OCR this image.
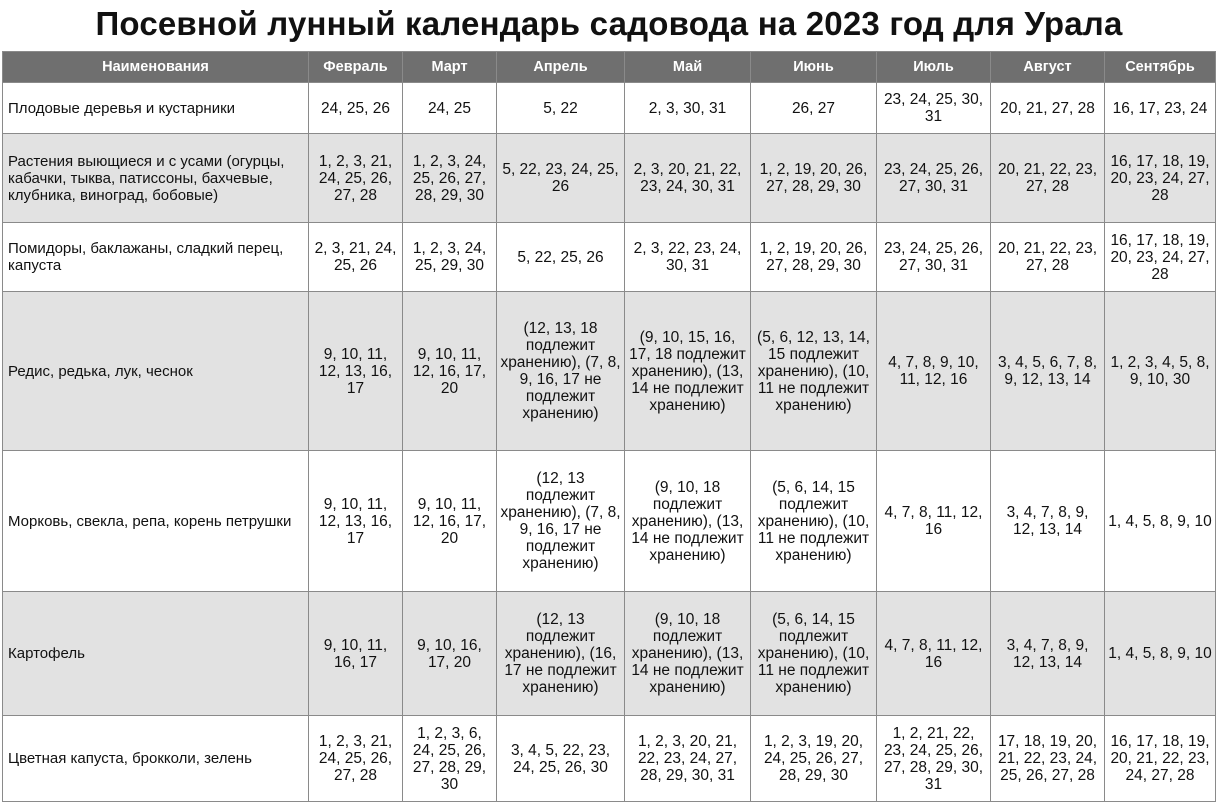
Посевной лунный календарь садовода на 2023 год для Урала
Наименования	Февраль	Март	Апрель	Май	Июнь	Июль	Август	Сентябрь
Плодовые деревья и кустарники	24, 25, 26	24, 25	5, 22	2, 3, 30, 31	26, 27	23, 24, 25, 30, 31	20, 21, 27, 28	16, 17, 23, 24
Растения выющиеся и с усами (огурцы, кабачки, тыква, патиссоны, бахчевые, клубника, виноград, бобовые)	1, 2, 3, 21, 24, 25, 26, 27, 28	1, 2, 3, 24, 25, 26, 27, 28, 29, 30	5, 22, 23, 24, 25, 26	2, 3, 20, 21, 22, 23, 24, 30, 31	1, 2, 19, 20, 26, 27, 28, 29, 30	23, 24, 25, 26, 27, 30, 31	20, 21, 22, 23, 27, 28	16, 17, 18, 19, 20, 23, 24, 27, 28
Помидоры, баклажаны, сладкий перец, капуста	2, 3, 21, 24, 25, 26	1, 2, 3, 24, 25, 29, 30	5, 22, 25, 26	2, 3, 22, 23, 24, 30, 31	1, 2, 19, 20, 26, 27, 28, 29, 30	23, 24, 25, 26, 27, 30, 31	20, 21, 22, 23, 27, 28	16, 17, 18, 19, 20, 23, 24, 27, 28
Редис, редька, лук, чеснок	9, 10, 11, 12, 13, 16, 17	9, 10, 11, 12, 16, 17, 20	(12, 13, 18 подлежит хранению), (7, 8, 9, 16, 17 не подлежит хранению)	(9, 10, 15, 16, 17, 18 подлежит хранению), (13, 14 не подлежит хранению)	(5, 6, 12, 13, 14, 15 подлежит хранению), (10, 11 не подлежит хранению)	4, 7, 8, 9, 10, 11, 12, 16	3, 4, 5, 6, 7, 8, 9, 12, 13, 14	1, 2, 3, 4, 5, 8, 9, 10, 30
Морковь, свекла, репа, корень петрушки	9, 10, 11, 12, 13, 16, 17	9, 10, 11, 12, 16, 17, 20	(12, 13 подлежит хранению), (7, 8, 9, 16, 17 не подлежит хранению)	(9, 10, 18 подлежит хранению), (13, 14 не подлежит хранению)	(5, 6, 14, 15 подлежит хранению), (10, 11 не подлежит хранению)	4, 7, 8, 11, 12, 16	3, 4, 7, 8, 9, 12, 13, 14	1, 4, 5, 8, 9, 10
Картофель	9, 10, 11, 16, 17	9, 10, 16, 17, 20	(12, 13 подлежит хранению), (16, 17 не подлежит хранению)	(9, 10, 18 подлежит хранению), (13, 14 не подлежит хранению)	(5, 6, 14, 15 подлежит хранению), (10, 11 не подлежит хранению)	4, 7, 8, 11, 12, 16	3, 4, 7, 8, 9, 12, 13, 14	1, 4, 5, 8, 9, 10
Цветная капуста, брокколи, зелень	1, 2, 3, 21, 24, 25, 26, 27, 28	1, 2, 3, 6, 24, 25, 26, 27, 28, 29, 30	3, 4, 5, 22, 23, 24, 25, 26, 30	1, 2, 3, 20, 21, 22, 23, 24, 27, 28, 29, 30, 31	1, 2, 3, 19, 20, 24, 25, 26, 27, 28, 29, 30	1, 2, 21, 22, 23, 24, 25, 26, 27, 28, 29, 30, 31	17, 18, 19, 20, 21, 22, 23, 24, 25, 26, 27, 28	16, 17, 18, 19, 20, 21, 22, 23, 24, 27, 28
